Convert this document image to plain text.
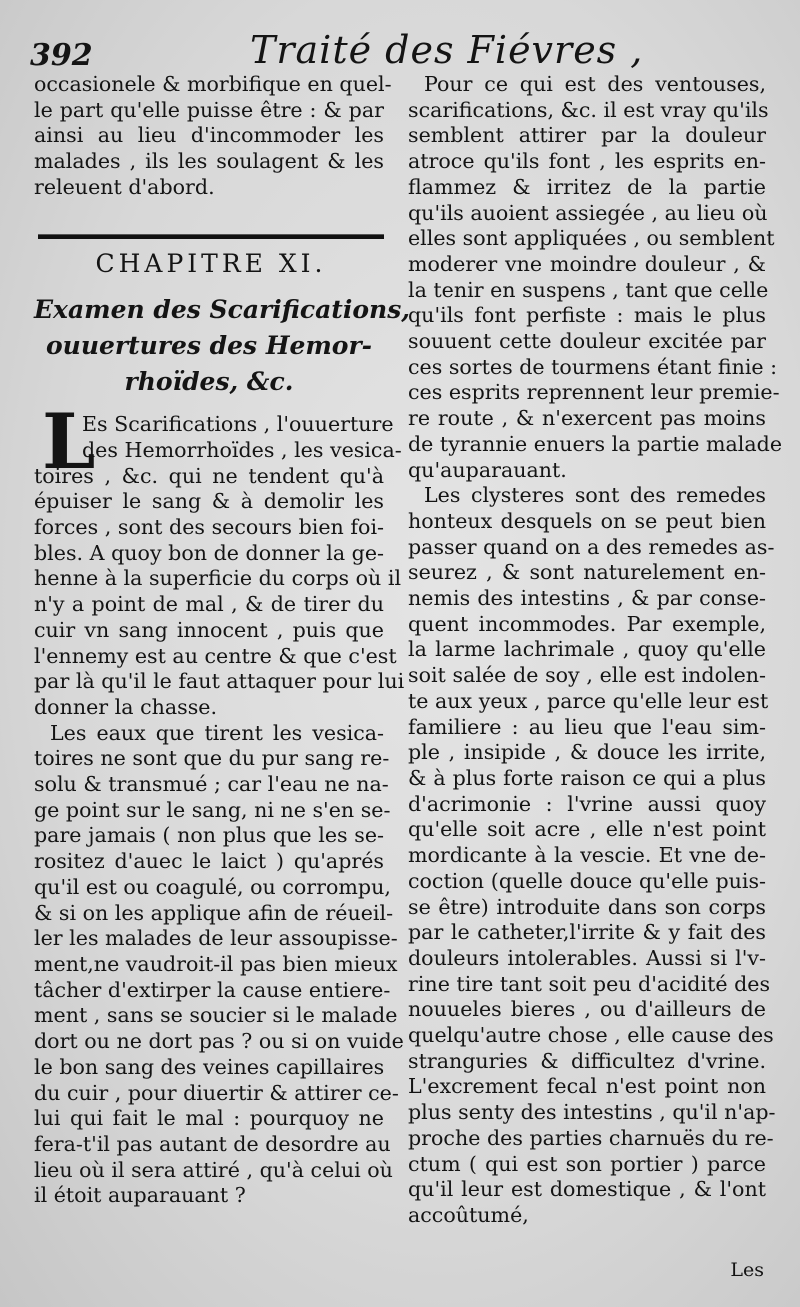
392	Traité des Fiévres ,
occasionele & morbifique en quel-
le part qu'elle puisse être : & par
ainsi au lieu d'incommoder les
malades , ils les soulagent & les
releuent d'abord.
CHAPITRE XI.
Examen des Scarifications,
ouuertures des Hemor-
rhoïdes, &c.
L
Es Scarifications , l'ouuerture
des Hemorrhoïdes , les vesica-
toires , &c. qui ne tendent qu'à
épuiser le sang & à demolir les
forces , sont des secours bien foi-
bles. A quoy bon de donner la ge-
henne à la superficie du corps où il
n'y a point de mal , & de tirer du
cuir vn sang innocent , puis que
l'ennemy est au centre & que c'est
par là qu'il le faut attaquer pour lui
donner la chasse.
Les eaux que tirent les vesica-
toires ne sont que du pur sang re-
solu & transmué ; car l'eau ne na-
ge point sur le sang, ni ne s'en se-
pare jamais ( non plus que les se-
rositez d'auec le laict ) qu'aprés
qu'il est ou coagulé, ou corrompu,
& si on les applique afin de réueil-
ler les malades de leur assoupisse-
ment,ne vaudroit-il pas bien mieux
tâcher d'extirper la cause entiere-
ment , sans se soucier si le malade
dort ou ne dort pas ? ou si on vuide
le bon sang des veines capillaires
du cuir , pour diuertir & attirer ce-
lui qui fait le mal : pourquoy ne
fera-t'il pas autant de desordre au
lieu où il sera attiré , qu'à celui où
il étoit auparauant ?
Pour ce qui est des ventouses,
scarifications, &c. il est vray qu'ils
semblent attirer par la douleur
atroce qu'ils font , les esprits en-
flammez & irritez de la partie
qu'ils auoient assiegée , au lieu où
elles sont appliquées , ou semblent
moderer vne moindre douleur , &
la tenir en suspens , tant que celle
qu'ils font perfiste : mais le plus
souuent cette douleur excitée par
ces sortes de tourmens étant finie :
ces esprits reprennent leur premie-
re route , & n'exercent pas moins
de tyrannie enuers la partie malade
qu'auparauant.
Les clysteres sont des remedes
honteux desquels on se peut bien
passer quand on a des remedes as-
seurez , & sont naturelement en-
nemis des intestins , & par conse-
quent incommodes. Par exemple,
la larme lachrimale , quoy qu'elle
soit salée de soy , elle est indolen-
te aux yeux , parce qu'elle leur est
familiere : au lieu que l'eau sim-
ple , insipide , & douce les irrite,
& à plus forte raison ce qui a plus
d'acrimonie : l'vrine aussi quoy
qu'elle soit acre , elle n'est point
mordicante à la vescie. Et vne de-
coction (quelle douce qu'elle puis-
se être) introduite dans son corps
par le catheter,l'irrite & y fait des
douleurs intolerables. Aussi si l'v-
rine tire tant soit peu d'acidité des
nouueles bieres , ou d'ailleurs de
quelqu'autre chose , elle cause des
stranguries & difficultez d'vrine.
L'excrement fecal n'est point non
plus senty des intestins , qu'il n'ap-
proche des parties charnuës du re-
ctum ( qui est son portier ) parce
qu'il leur est domestique , & l'ont
accoûtumé,
Les
